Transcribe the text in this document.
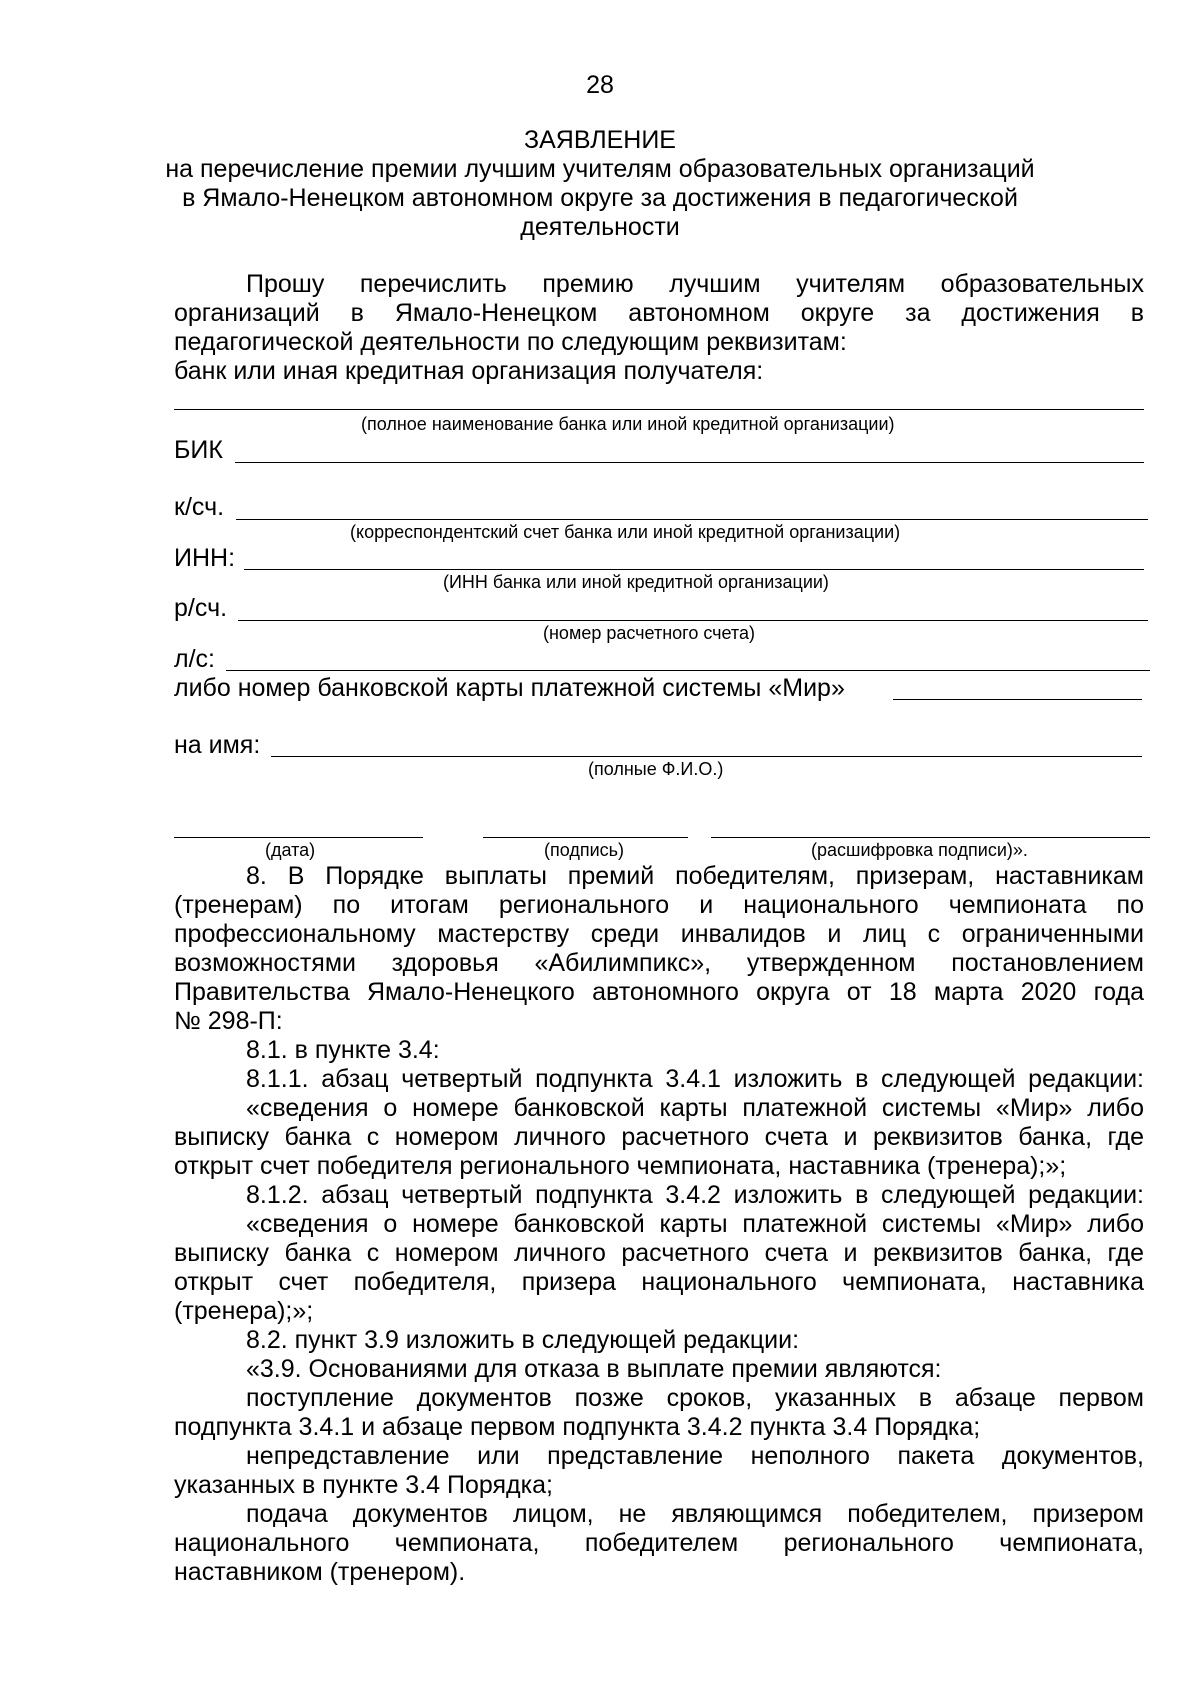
28
ЗАЯВЛЕНИЕ
на перечисление премии лучшим учителям образовательных организаций
в Ямало-Ненецком автономном округе за достижения в педагогической
деятельности
Прошу перечислить премию лучшим учителям образовательных
организаций в Ямало-Ненецком автономном округе за достижения в
педагогической деятельности по следующим реквизитам:
банк или иная кредитная организация получателя:
(полное наименование банка или иной кредитной организации)
БИК
к/сч.
(корреспондентский счет банка или иной кредитной организации)
ИНН:
(ИНН банка или иной кредитной организации)
р/сч.
(номер расчетного счета)
л/с:
либо номер банковской карты платежной системы «Мир»
на имя:
(полные Ф.И.О.)
(дата)	(подпись)	(расшифровка подписи)».
8. В Порядке выплаты премий победителям, призерам, наставникам
(тренерам) по итогам регионального и национального чемпионата по
профессиональному мастерству среди инвалидов и лиц с ограниченными
возможностями здоровья «Абилимпикс», утвержденном постановлением
Правительства Ямало-Ненецкого автономного округа от 18 марта 2020 года
№ 298-П:
8.1. в пункте 3.4:
8.1.1. абзац четвертый подпункта 3.4.1 изложить в следующей редакции:
«сведения о номере банковской карты платежной системы «Мир» либо
выписку банка с номером личного расчетного счета и реквизитов банка, где
открыт счет победителя регионального чемпионата, наставника (тренера);»;
8.1.2. абзац четвертый подпункта 3.4.2 изложить в следующей редакции:
«сведения о номере банковской карты платежной системы «Мир» либо
выписку банка с номером личного расчетного счета и реквизитов банка, где
открыт счет победителя, призера национального чемпионата, наставника
(тренера);»;
8.2. пункт 3.9 изложить в следующей редакции:
«3.9. Основаниями для отказа в выплате премии являются:
поступление документов позже сроков, указанных в абзаце первом
подпункта 3.4.1 и абзаце первом подпункта 3.4.2 пункта 3.4 Порядка;
непредставление или представление неполного пакета документов,
указанных в пункте 3.4 Порядка;
подача документов лицом, не являющимся победителем, призером
национального чемпионата, победителем регионального чемпионата,
наставником (тренером).
